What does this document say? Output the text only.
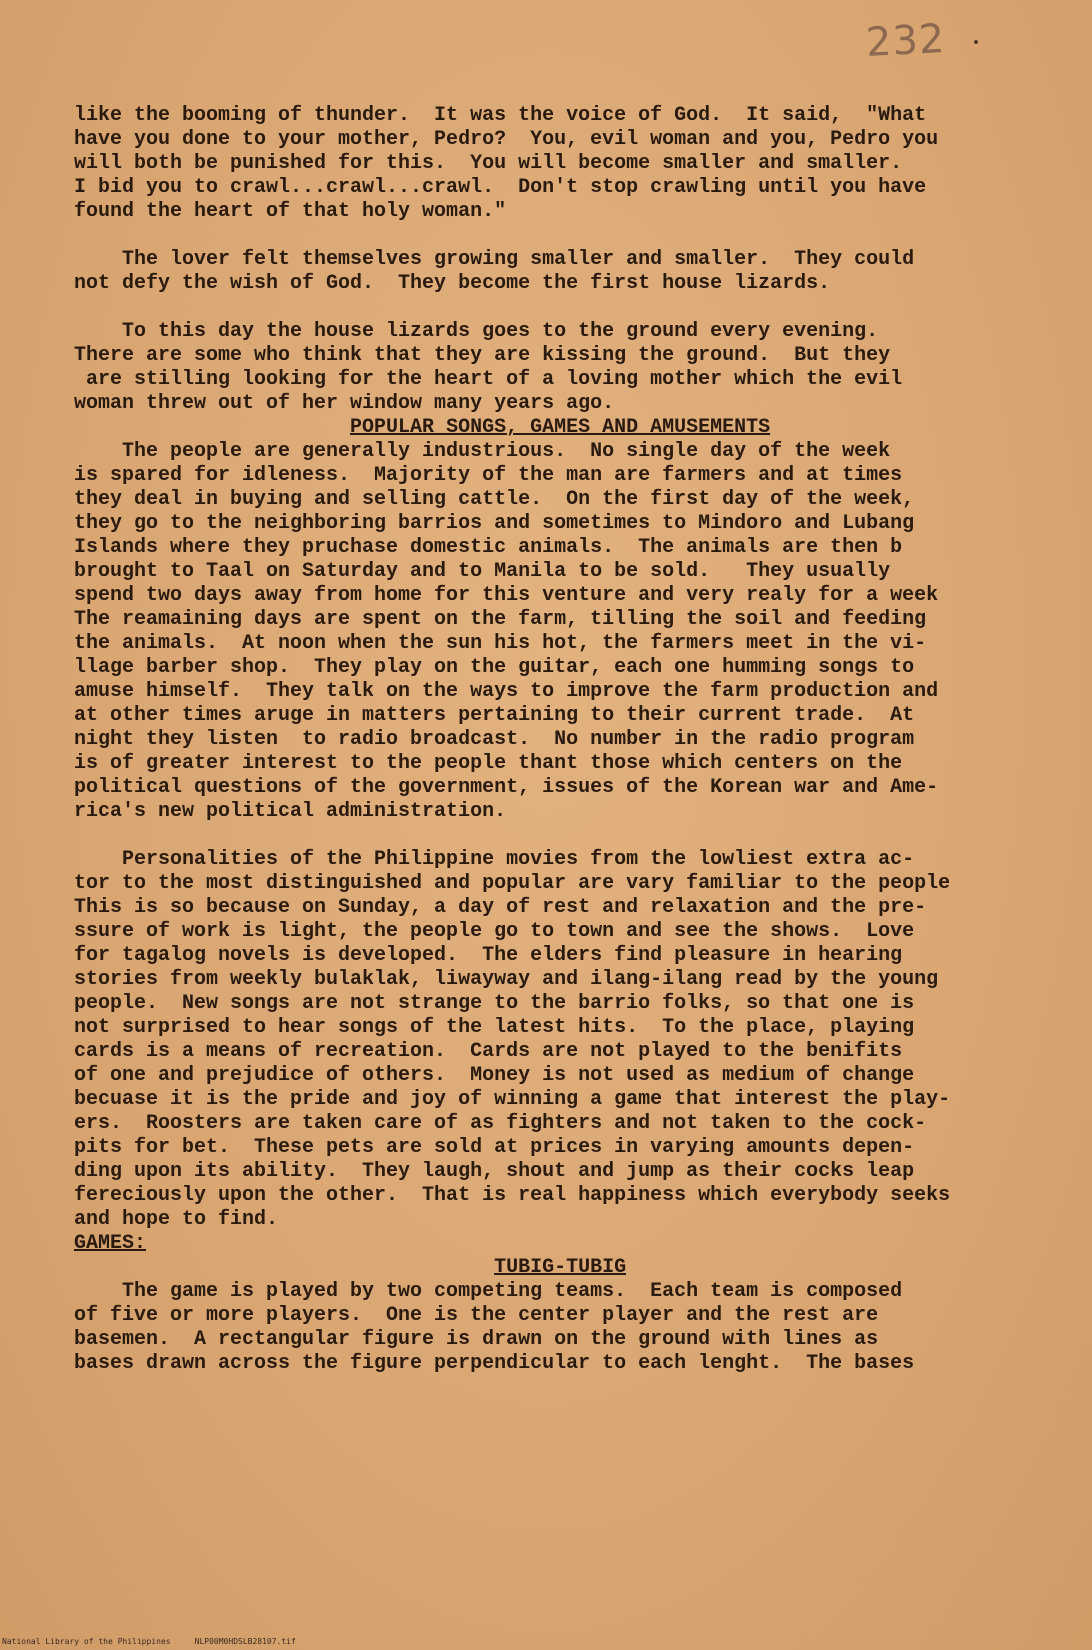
232

like the booming of thunder.  It was the voice of God.  It said,  "What

have you done to your mother, Pedro?  You, evil woman and you, Pedro you

will both be punished for this.  You will become smaller and smaller.

I bid you to crawl...crawl...crawl.  Don't stop crawling until you have

found the heart of that holy woman."

The lover felt themselves growing smaller and smaller.  They could

not defy the wish of God.  They become the first house lizards.

To this day the house lizards goes to the ground every evening.

There are some who think that they are kissing the ground.  But they

are stilling looking for the heart of a loving mother which the evil

woman threw out of her window many years ago.

POPULAR SONGS, GAMES AND AMUSEMENTS

The people are generally industrious.  No single day of the week

is spared for idleness.  Majority of the man are farmers and at times

they deal in buying and selling cattle.  On the first day of the week,

they go to the neighboring barrios and sometimes to Mindoro and Lubang

Islands where they pruchase domestic animals.  The animals are then b

brought to Taal on Saturday and to Manila to be sold.   They usually

spend two days away from home for this venture and very realy for a week

The reamaining days are spent on the farm, tilling the soil and feeding

the animals.  At noon when the sun his hot, the farmers meet in the vi-

llage barber shop.  They play on the guitar, each one humming songs to

amuse himself.  They talk on the ways to improve the farm production and

at other times aruge in matters pertaining to their current trade.  At

night they listen  to radio broadcast.  No number in the radio program

is of greater interest to the people thant those which centers on the

political questions of the government, issues of the Korean war and Ame-

rica's new political administration.

Personalities of the Philippine movies from the lowliest extra ac-

tor to the most distinguished and popular are vary familiar to the people

This is so because on Sunday, a day of rest and relaxation and the pre-

ssure of work is light, the people go to town and see the shows.  Love

for tagalog novels is developed.  The elders find pleasure in hearing

stories from weekly bulaklak, liwayway and ilang-ilang read by the young

people.  New songs are not strange to the barrio folks, so that one is

not surprised to hear songs of the latest hits.  To the place, playing

cards is a means of recreation.  Cards are not played to the benifits

of one and prejudice of others.  Money is not used as medium of change

becuase it is the pride and joy of winning a game that interest the play-

ers.  Roosters are taken care of as fighters and not taken to the cock-

pits for bet.  These pets are sold at prices in varying amounts depen-

ding upon its ability.  They laugh, shout and jump as their cocks leap

fereciously upon the other.  That is real happiness which everybody seeks

and hope to find.

GAMES:

TUBIG-TUBIG

The game is played by two competing teams.  Each team is composed

of five or more players.  One is the center player and the rest are

basemen.  A rectangular figure is drawn on the ground with lines as

bases drawn across the figure perpendicular to each lenght.  The bases

National Library of the Philippines     NLP00M0HDSLB28107.tif
